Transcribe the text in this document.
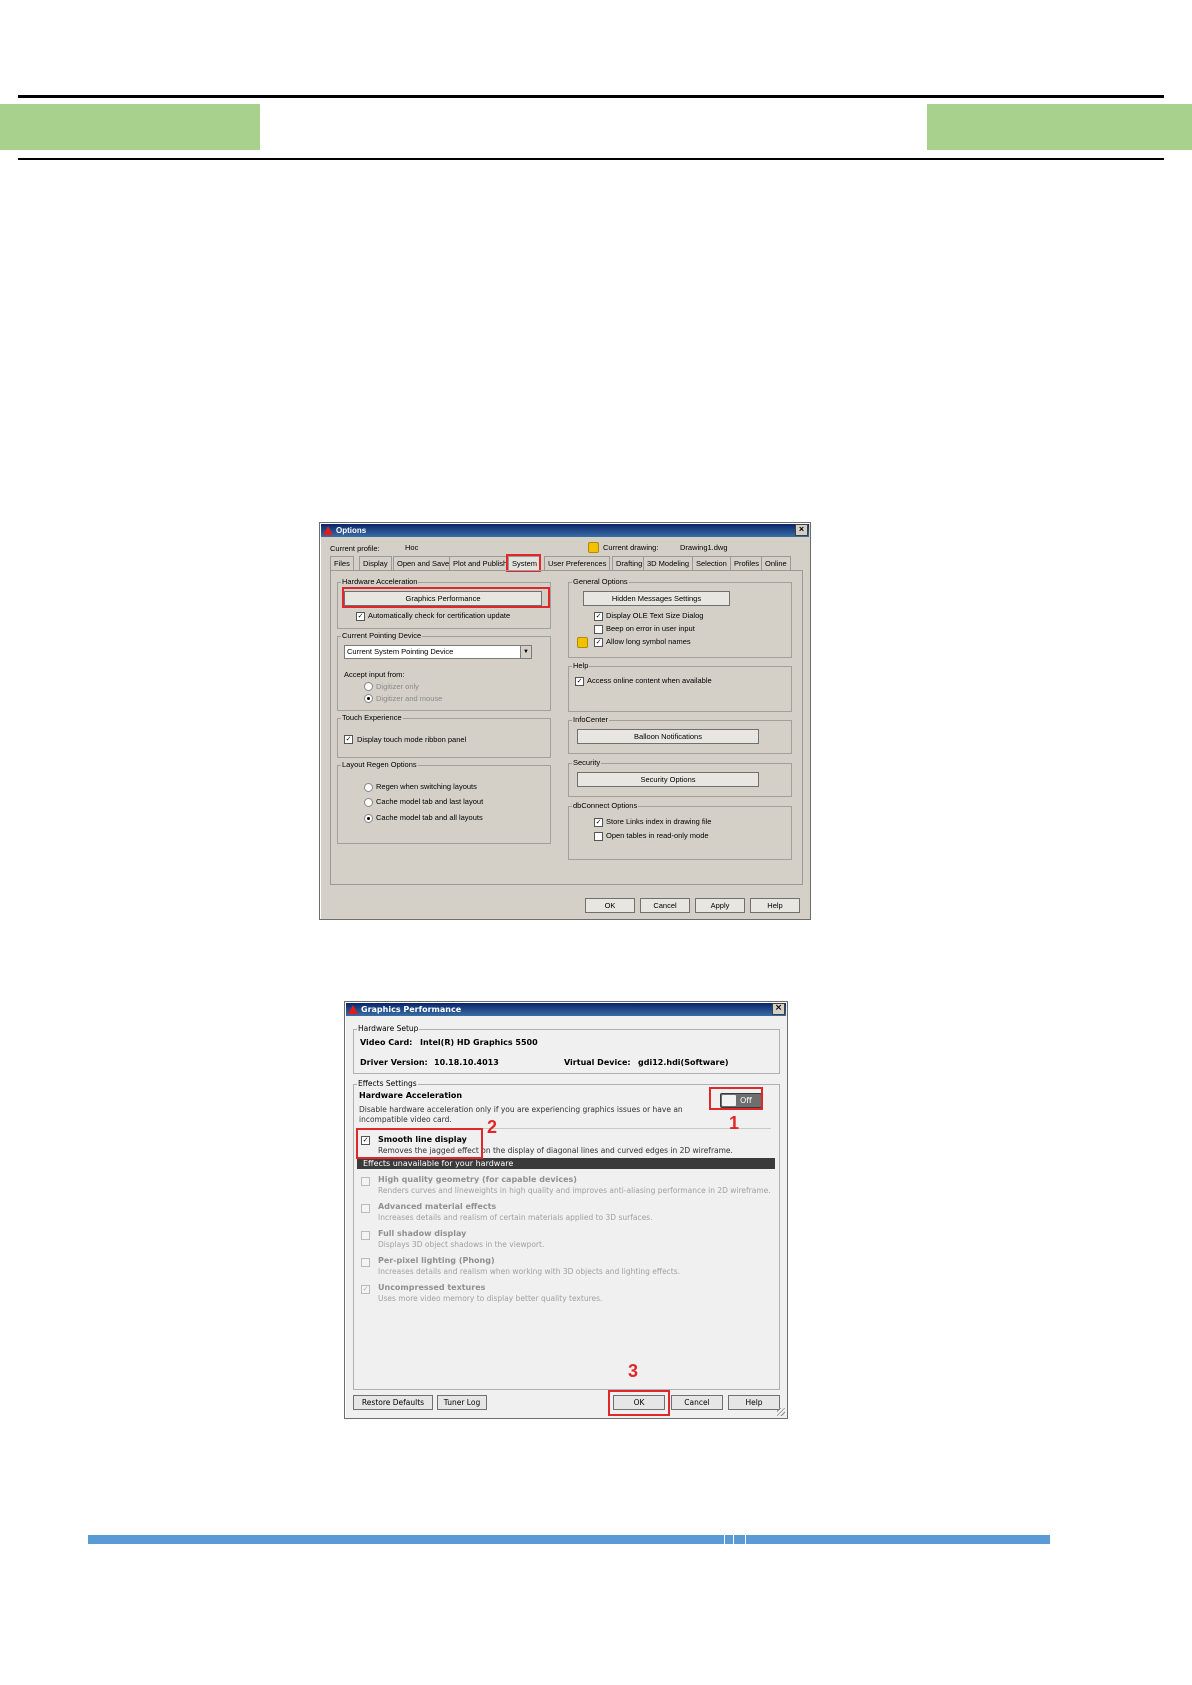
Options	×
Current profile:	Hoc	Current drawing:	Drawing1.dwg
Files	Display	Open and Save Plot and Publish System	User Preferences	Drafting 3D Modeling Selection Profiles Online
Hardware Acceleration
Graphics Performance
✓ Automatically check for certification update
Current Pointing Device
Current System Pointing Device	▼
Accept input from:
Digitizer only
Digitizer and mouse
Touch Experience
✓ Display touch mode ribbon panel
Layout Regen Options
Regen when switching layouts
Cache model tab and last layout
Cache model tab and all layouts
General Options
Hidden Messages Settings
✓ Display OLE Text Size Dialog
Beep on error in user input
✓ Allow long symbol names
Help
✓ Access online content when available
InfoCenter
Balloon Notifications
Security
Security Options
dbConnect Options
✓ Store Links index in drawing file
Open tables in read-only mode
OK	Cancel	Apply	Help
Graphics Performance	×
Hardware Setup
Video Card: Intel(R) HD Graphics 5500
Driver Version: 10.18.10.4013	Virtual Device: gdi12.hdi(Software)
Effects Settings
Hardware Acceleration
Disable hardware acceleration only if you are experiencing graphics issues or have an
incompatible video card.
Off
✓ Smooth line display
Removes the jagged effect on the display of diagonal lines and curved edges in 2D wireframe.
Effects unavailable for your hardware
High quality geometry (for capable devices)
Renders curves and lineweights in high quality and improves anti-aliasing performance in 2D wireframe.
Advanced material effects
Increases details and realism of certain materials applied to 3D surfaces.
Full shadow display
Displays 3D object shadows in the viewport.
Per-pixel lighting (Phong)
Increases details and realism when working with 3D objects and lighting effects.
✓ Uncompressed textures
Uses more video memory to display better quality textures.
Restore Defaults	Tuner Log	OK	Cancel	Help
1
2
3
